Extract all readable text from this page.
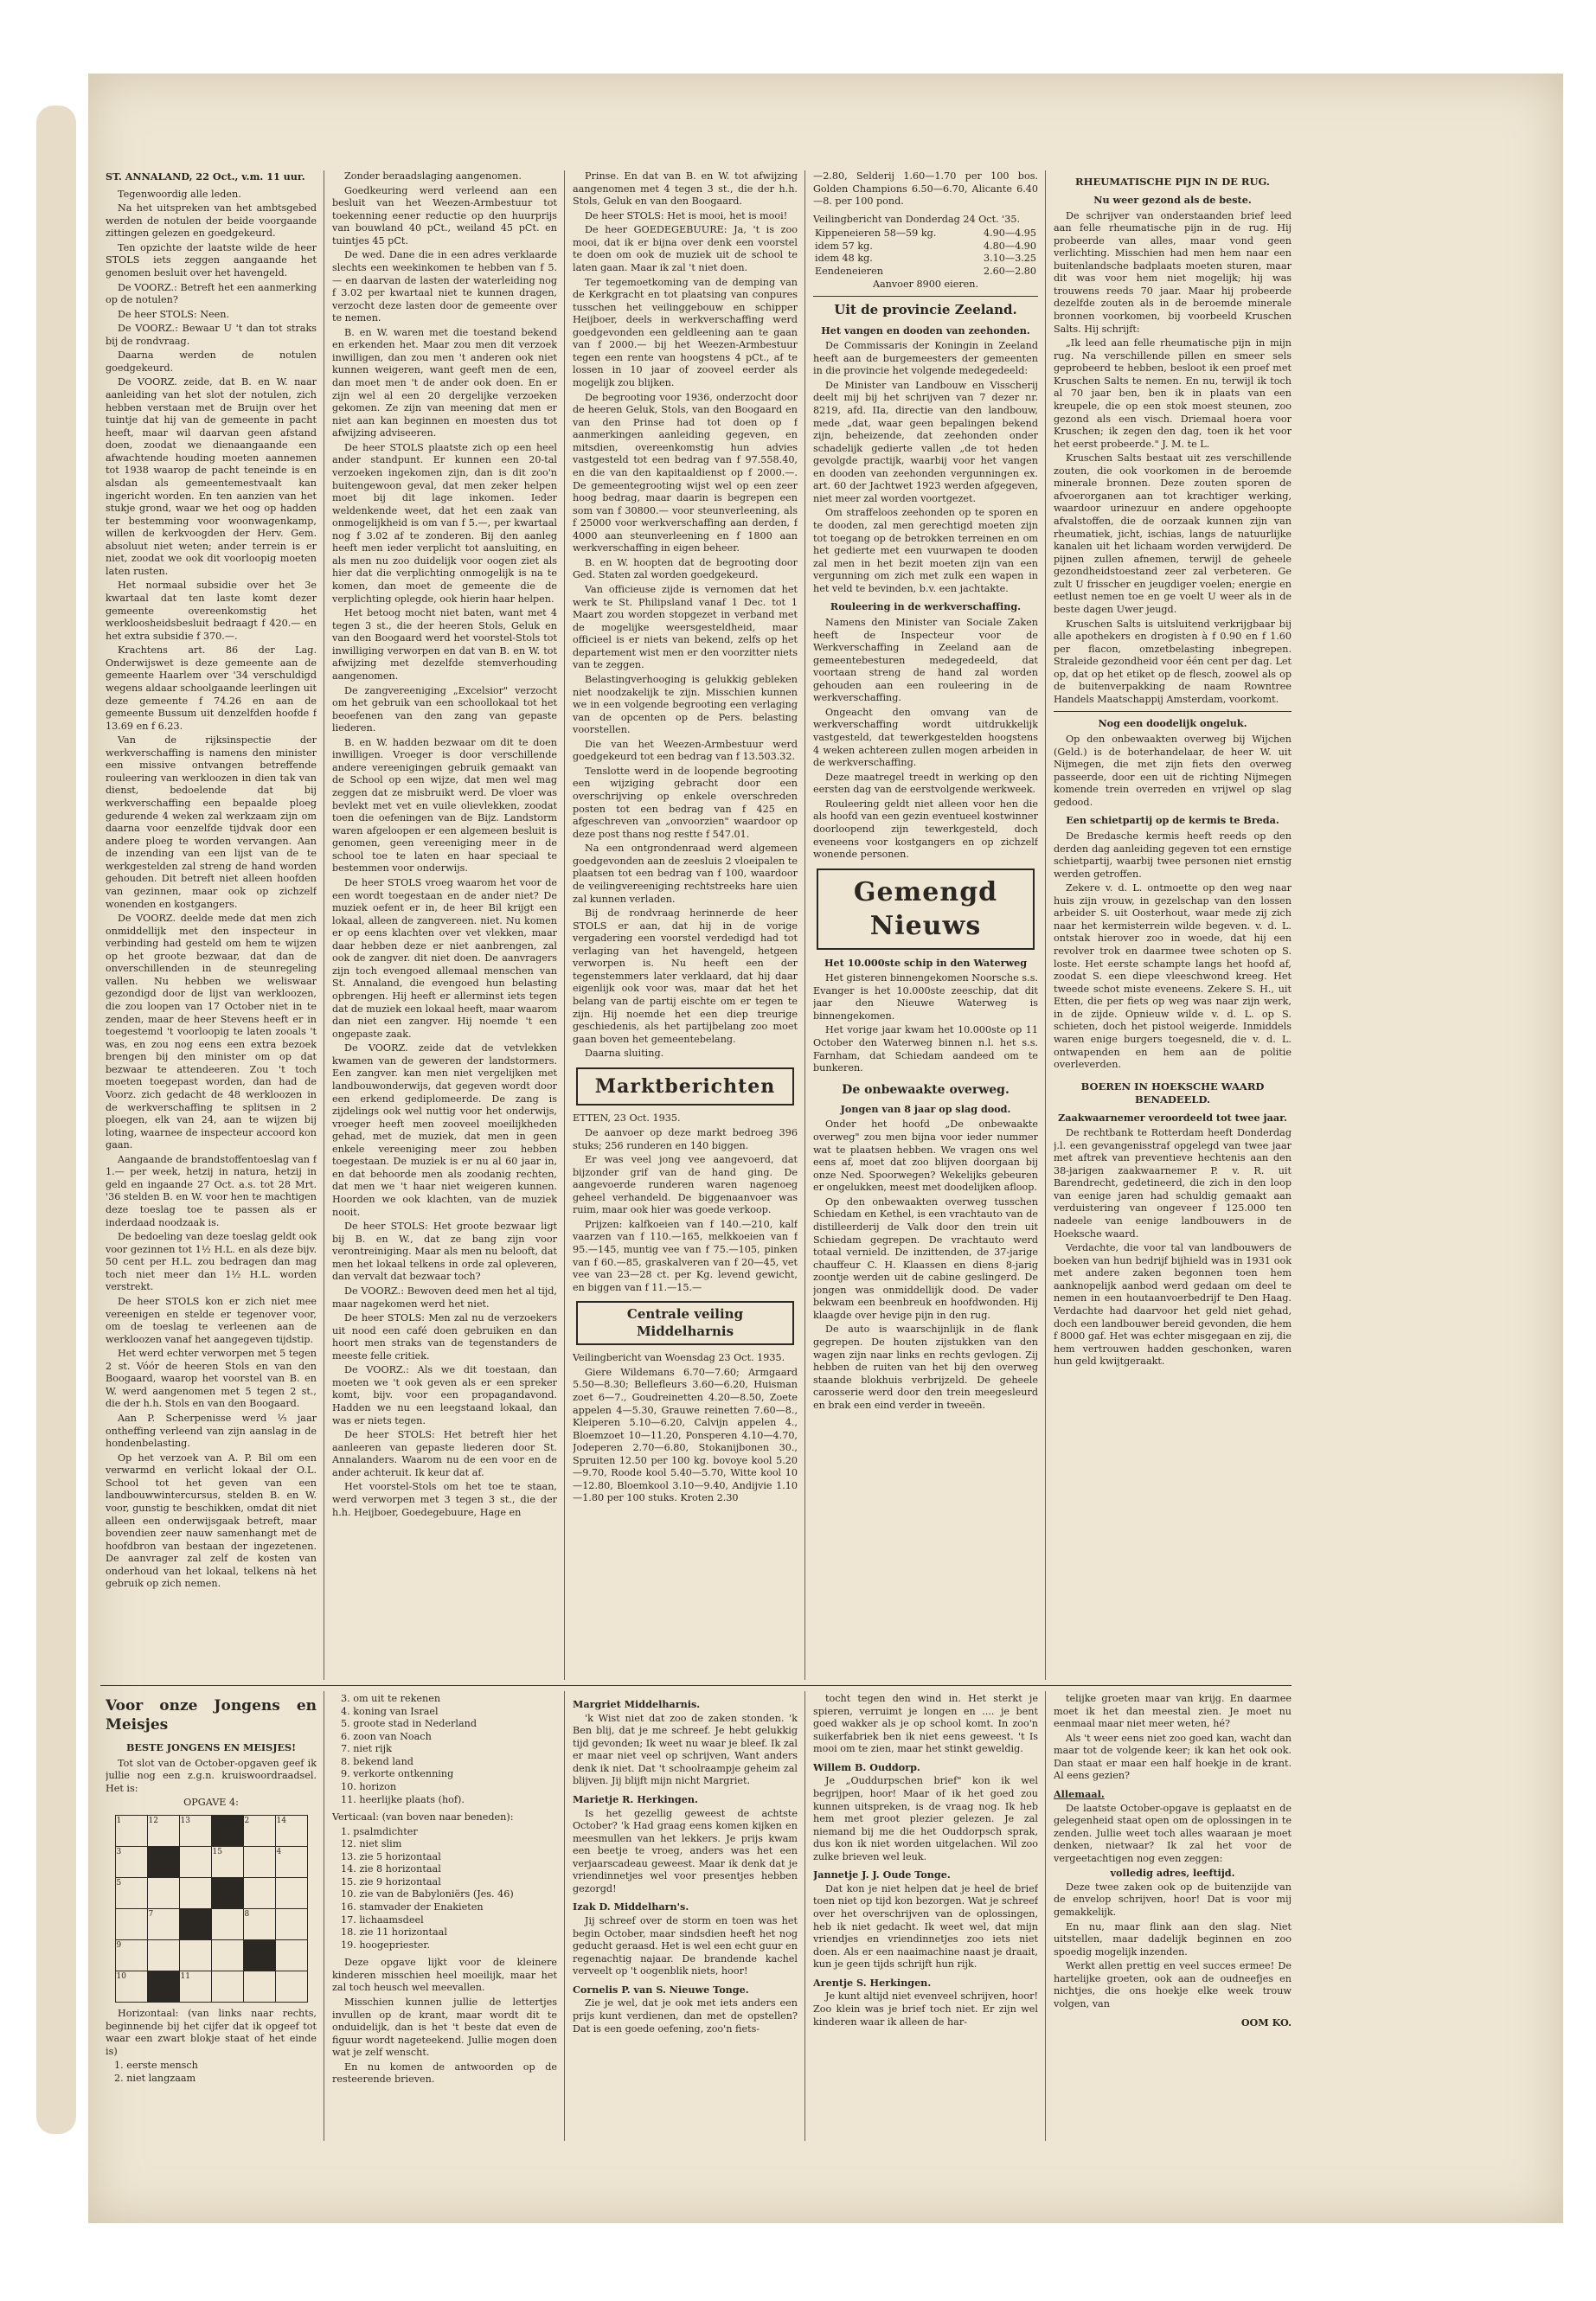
ST. ANNALAND, 22 Oct., v.m. 11 uur.

Tegenwoordig alle leden.

Na het uitspreken van het ambtsgebed werden de notulen der beide voorgaande zittingen gelezen en goedgekeurd.

Ten opzichte der laatste wilde de heer STOLS iets zeggen aangaande het genomen besluit over het havengeld.

De VOORZ.: Betreft het een aanmerking op de notulen?

De heer STOLS: Neen.

De VOORZ.: Bewaar U 't dan tot straks bij de rondvraag.

Daarna werden de notulen goedgekeurd.

De VOORZ. zeide, dat B. en W. naar aanleiding van het slot der notulen, zich hebben verstaan met de Bruijn over het tuintje dat hij van de gemeente in pacht heeft, maar wil daarvan geen afstand doen, zoodat we dienaangaande een afwachtende houding moeten aannemen tot 1938 waarop de pacht teneinde is en alsdan als gemeentemestvaalt kan ingericht worden. En ten aanzien van het stukje grond, waar we het oog op hadden ter bestemming voor woonwagenkamp, willen de kerkvoogden der Herv. Gem. absoluut niet weten; ander terrein is er niet, zoodat we ook dit voorloopig moeten laten rusten.

Het normaal subsidie over het 3e kwartaal dat ten laste komt dezer gemeente overeenkomstig het werkloosheidsbesluit bedraagt f 420.— en het extra subsidie f 370.—.

Krachtens art. 86 der Lag. Onderwijswet is deze gemeente aan de gemeente Haarlem over '34 verschuldigd wegens aldaar schoolgaande leerlingen uit deze gemeente f 74.26 en aan de gemeente Bussum uit denzelfden hoofde f 13.69 en f 6.23.

Van de rijksinspectie der werkverschaffing is namens den minister een missive ontvangen betreffende rouleering van werkloozen in dien tak van dienst, bedoelende dat bij werkverschaffing een bepaalde ploeg gedurende 4 weken zal werkzaam zijn om daarna voor eenzelfde tijdvak door een andere ploeg te worden vervangen. Aan de inzending van een lijst van de te werkgestelden zal streng de hand worden gehouden. Dit betreft niet alleen hoofden van gezinnen, maar ook op zichzelf wonenden en kostgangers.

De VOORZ. deelde mede dat men zich onmiddellijk met den inspecteur in verbinding had gesteld om hem te wijzen op het groote bezwaar, dat dan de onverschillenden in de steunregeling vallen. Nu hebben we weliswaar gezondigd door de lijst van werkloozen, die zou loopen van 17 October niet in te zenden, maar de heer Stevens heeft er in toegestemd 't voorloopig te laten zooals 't was, en zou nog eens een extra bezoek brengen bij den minister om op dat bezwaar te attendeeren. Zou 't toch moeten toegepast worden, dan had de Voorz. zich gedacht de 48 werkloozen in de werkverschaffing te splitsen in 2 ploegen, elk van 24, aan te wijzen bij loting, waarnee de inspecteur accoord kon gaan.

Aangaande de brandstoffentoeslag van f 1.— per week, hetzij in natura, hetzij in geld en ingaande 27 Oct. a.s. tot 28 Mrt. '36 stelden B. en W. voor hen te machtigen deze toeslag toe te passen als er inderdaad noodzaak is.

De bedoeling van deze toeslag geldt ook voor gezinnen tot 1½ H.L. en als deze bijv. 50 cent per H.L. zou bedragen dan mag toch niet meer dan 1½ H.L. worden verstrekt.

De heer STOLS kon er zich niet mee vereenigen en stelde er tegenover voor, om de toeslag te verleenen aan de werkloozen vanaf het aangegeven tijdstip.

Het werd echter verworpen met 5 tegen 2 st. Vóór de heeren Stols en van den Boogaard, waarop het voorstel van B. en W. werd aangenomen met 5 tegen 2 st., die der h.h. Stols en van den Boogaard.

Aan P. Scherpenisse werd ⅓ jaar ontheffing verleend van zijn aanslag in de hondenbelasting.

Op het verzoek van A. P. Bil om een verwarmd en verlicht lokaal der O.L. School tot het geven van een landbouwwintercursus, stelden B. en W. voor, gunstig te beschikken, omdat dit niet alleen een onderwijsgaak betreft, maar bovendien zeer nauw samenhangt met de hoofdbron van bestaan der ingezetenen. De aanvrager zal zelf de kosten van onderhoud van het lokaal, telkens nà het gebruik op zich nemen.

Zonder beraadslaging aangenomen.

Goedkeuring werd verleend aan een besluit van het Weezen-Armbestuur tot toekenning eener reductie op den huurprijs van bouwland 40 pCt., weiland 45 pCt. en tuintjes 45 pCt.

De wed. Dane die in een adres verklaarde slechts een weekinkomen te hebben van f 5.— en daarvan de lasten der waterleiding nog f 3.02 per kwartaal niet te kunnen dragen, verzocht deze lasten door de gemeente over te nemen.

B. en W. waren met die toestand bekend en erkenden het. Maar zou men dit verzoek inwilligen, dan zou men 't anderen ook niet kunnen weigeren, want geeft men de een, dan moet men 't de ander ook doen. En er zijn wel al een 20 dergelijke verzoeken gekomen. Ze zijn van meening dat men er niet aan kan beginnen en moesten dus tot afwijzing adviseeren.

De heer STOLS plaatste zich op een heel ander standpunt. Er kunnen een 20-tal verzoeken ingekomen zijn, dan is dit zoo'n buitengewoon geval, dat men zeker helpen moet bij dit lage inkomen. Ieder weldenkende weet, dat het een zaak van onmogelijkheid is om van f 5.—, per kwartaal nog f 3.02 af te zonderen. Bij den aanleg heeft men ieder verplicht tot aansluiting, en als men nu zoo duidelijk voor oogen ziet als hier dat die verplichting onmogelijk is na te komen, dan moet de gemeente die de verplichting oplegde, ook hierin haar helpen.

Het betoog mocht niet baten, want met 4 tegen 3 st., die der heeren Stols, Geluk en van den Boogaard werd het voorstel-Stols tot inwilliging verworpen en dat van B. en W. tot afwijzing met dezelfde stemverhouding aangenomen.

De zangvereeniging „Excelsior" verzocht om het gebruik van een schoollokaal tot het beoefenen van den zang van gepaste liederen.

B. en W. hadden bezwaar om dit te doen inwilligen. Vroeger is door verschillende andere vereenigingen gebruik gemaakt van de School op een wijze, dat men wel mag zeggen dat ze misbruikt werd. De vloer was bevlekt met vet en vuile olievlekken, zoodat toen die oefeningen van de Bijz. Landstorm waren afgeloopen er een algemeen besluit is genomen, geen vereeniging meer in de school toe te laten en haar speciaal te bestemmen voor onderwijs.

De heer STOLS vroeg waarom het voor de een wordt toegestaan en de ander niet? De muziek oefent er in, de heer Bil krijgt een lokaal, alleen de zangvereen. niet. Nu komen er op eens klachten over vet vlekken, maar daar hebben deze er niet aanbrengen, zal ook de zangver. dit niet doen. De aanvragers zijn toch evengoed allemaal menschen van St. Annaland, die evengoed hun belasting opbrengen. Hij heeft er allerminst iets tegen dat de muziek een lokaal heeft, maar waarom dan niet een zangver. Hij noemde 't een ongepaste zaak.

De VOORZ. zeide dat de vetvlekken kwamen van de geweren der landstormers. Een zangver. kan men niet vergelijken met landbouwonderwijs, dat gegeven wordt door een erkend gediplomeerde. De zang is zijdelings ook wel nuttig voor het onderwijs, vroeger heeft men zooveel moeilijkheden gehad, met de muziek, dat men in geen enkele vereeniging meer zou hebben toegestaan. De muziek is er nu al 60 jaar in, en dat behoorde men als zoodanig rechten, dat men we 't haar niet weigeren kunnen. Hoorden we ook klachten, van de muziek nooit.

De heer STOLS: Het groote bezwaar ligt bij B. en W., dat ze bang zijn voor verontreiniging. Maar als men nu belooft, dat men het lokaal telkens in orde zal opleveren, dan vervalt dat bezwaar toch?

De VOORZ.: Bewoven deed men het al tijd, maar nagekomen werd het niet.

De heer STOLS: Men zal nu de verzoekers uit nood een café doen gebruiken en dan hoort men straks van de tegenstanders de meeste felle critiek.

De VOORZ.: Als we dit toestaan, dan moeten we 't ook geven als er een spreker komt, bijv. voor een propagandavond. Hadden we nu een leegstaand lokaal, dan was er niets tegen.

De heer STOLS: Het betreft hier het aanleeren van gepaste liederen door St. Annalanders. Waarom nu de een voor en de ander achteruit. Ik keur dat af.

Het voorstel-Stols om het toe te staan, werd verworpen met 3 tegen 3 st., die der h.h. Heijboer, Goedegebuure, Hage en

Prinse. En dat van B. en W. tot afwijzing aangenomen met 4 tegen 3 st., die der h.h. Stols, Geluk en van den Boogaard.

De heer STOLS: Het is mooi, het is mooi!

De heer GOEDEGEBUURE: Ja, 't is zoo mooi, dat ik er bijna over denk een voorstel te doen om ook de muziek uit de school te laten gaan. Maar ik zal 't niet doen.

Ter tegemoetkoming van de demping van de Kerkgracht en tot plaatsing van conpures tusschen het veilinggebouw en schipper Heijboer, deels in werkverschaffing werd goedgevonden een geldleening aan te gaan van f 2000.— bij het Weezen-Armbestuur tegen een rente van hoogstens 4 pCt., af te lossen in 10 jaar of zooveel eerder als mogelijk zou blijken.

De begrooting voor 1936, onderzocht door de heeren Geluk, Stols, van den Boogaard en van den Prinse had tot doen op f aanmerkingen aanleiding gegeven, en mitsdien, overeenkomstig hun advies vastgesteld tot een bedrag van f 97.558.40, en die van den kapitaaldienst op f 2000.—. De gemeentegrooting wijst wel op een zeer hoog bedrag, maar daarin is begrepen een som van f 30800.— voor steunverleening, als f 25000 voor werkverschaffing aan derden, f 4000 aan steunverleening en f 1800 aan werkverschaffing in eigen beheer.

B. en W. hoopten dat de begrooting door Ged. Staten zal worden goedgekeurd.

Van officieuse zijde is vernomen dat het werk te St. Philipsland vanaf 1 Dec. tot 1 Maart zou worden stopgezet in verband met de mogelijke weersgesteldheid, maar officieel is er niets van bekend, zelfs op het departement wist men er den voorzitter niets van te zeggen.

Belastingverhooging is gelukkig gebleken niet noodzakelijk te zijn. Misschien kunnen we in een volgende begrooting een verlaging van de opcenten op de Pers. belasting voorstellen.

Die van het Weezen-Armbestuur werd goedgekeurd tot een bedrag van f 13.503.32.

Tenslotte werd in de loopende begrooting een wijziging gebracht door een overschrijving op enkele overschreden posten tot een bedrag van f 425 en afgeschreven van „onvoorzien" waardoor op deze post thans nog restte f 547.01.

Na een ontgrondenraad werd algemeen goedgevonden aan de zeesluis 2 vloeipalen te plaatsen tot een bedrag van f 100, waardoor de veilingvereeniging rechtstreeks hare uien zal kunnen verladen.

Bij de rondvraag herinnerde de heer STOLS er aan, dat hij in de vorige vergadering een voorstel verdedigd had tot verlaging van het havengeld, hetgeen verworpen is. Nu heeft een der tegenstemmers later verklaard, dat hij daar eigenlijk ook voor was, maar dat het het belang van de partij eischte om er tegen te zijn. Hij noemde het een diep treurige geschiedenis, als het partijbelang zoo moet gaan boven het gemeentebelang.

Daarna sluiting.

Marktberichten

ETTEN, 23 Oct. 1935.

De aanvoer op deze markt bedroeg 396 stuks; 256 runderen en 140 biggen.

Er was veel jong vee aangevoerd, dat bijzonder grif van de hand ging. De aangevoerde runderen waren nagenoeg geheel verhandeld. De biggenaanvoer was ruim, maar ook hier was goede verkoop.

Prijzen: kalfkoeien van f 140.—210, kalf vaarzen van f 110.—165, melkkoeien van f 95.—145, muntig vee van f 75.—105, pinken van f 60.—85, graskalveren van f 20—45, vet vee van 23—28 ct. per Kg. levend gewicht, en biggen van f 11.—15.—

Centrale veiling Middelharnis

Veilingbericht van Woensdag 23 Oct. 1935.

Giere Wildemans 6.70—7.60; Armgaard 5.50—8.30; Bellefleurs 3.60—6.20, Huisman zoet 6—7., Goudreinetten 4.20—8.50, Zoete appelen 4—5.30, Grauwe reinetten 7.60—8., Kleiperen 5.10—6.20, Calvijn appelen 4., Bloemzoet 10—11.20, Ponsperen 4.10—4.70, Jodeperen 2.70—6.80, Stokanijbonen 30., Spruiten 12.50 per 100 kg. bovoye kool 5.20—9.70, Roode kool 5.40—5.70, Witte kool 10—12.80, Bloemkool 3.10—9.40, Andijvie 1.10—1.80 per 100 stuks. Kroten 2.30

—2.80, Selderij 1.60—1.70 per 100 bos. Golden Champions 6.50—6.70, Alicante 6.40 —8. per 100 pond.

Veilingbericht van Donderdag 24 Oct. '35.

Kippeneieren 58—59 kg.	4.90—4.95
idem 57 kg.	4.80—4.90
idem 48 kg.	3.10—3.25
Eendeneieren	2.60—2.80

Aanvoer 8900 eieren.

Uit de provincie Zeeland.
Het vangen en dooden van zeehonden.

De Commissaris der Koningin in Zeeland heeft aan de burgemeesters der gemeenten in die provincie het volgende medegedeeld:

De Minister van Landbouw en Visscherij deelt mij bij het schrijven van 7 dezer nr. 8219, afd. IIa, directie van den landbouw, mede „dat, waar geen bepalingen bekend zijn, beheizende, dat zeehonden onder schadelijk gedierte vallen „de tot heden gevolgde practijk, waarbij voor het vangen en dooden van zeehonden vergunningen ex. art. 60 der Jachtwet 1923 werden afgegeven, niet meer zal worden voortgezet.

Om straffeloos zeehonden op te sporen en te dooden, zal men gerechtigd moeten zijn tot toegang op de betrokken terreinen en om het gedierte met een vuurwapen te dooden zal men in het bezit moeten zijn van een vergunning om zich met zulk een wapen in het veld te bevinden, b.v. een jachtakte.

Rouleering in de werkverschaffing.

Namens den Minister van Sociale Zaken heeft de Inspecteur voor de Werkverschaffing in Zeeland aan de gemeentebesturen medegedeeld, dat voortaan streng de hand zal worden gehouden aan een rouleering in de werkverschaffing.

Ongeacht den omvang van de werkverschaffing wordt uitdrukkelijk vastgesteld, dat tewerkgestelden hoogstens 4 weken achtereen zullen mogen arbeiden in de werkverschaffing.

Deze maatregel treedt in werking op den eersten dag van de eerstvolgende werkweek.

Rouleering geldt niet alleen voor hen die als hoofd van een gezin eventueel kostwinner doorloopend zijn tewerkgesteld, doch eveneens voor kostgangers en op zichzelf wonende personen.

Gemengd Nieuws
Het 10.000ste schip in den Waterweg

Het gisteren binnengekomen Noorsche s.s. Evanger is het 10.000ste zeeschip, dat dit jaar den Nieuwe Waterweg is binnengekomen.

Het vorige jaar kwam het 10.000ste op 11 October den Waterweg binnen n.l. het s.s. Farnham, dat Schiedam aandeed om te bunkeren.

De onbewaakte overweg.
Jongen van 8 jaar op slag dood.

Onder het hoofd „De onbewaakte overweg" zou men bijna voor ieder nummer wat te plaatsen hebben. We vragen ons wel eens af, moet dat zoo blijven doorgaan bij onze Ned. Spoorwegen? Wekelijks gebeuren er ongelukken, meest met doodelijken afloop.

Op den onbewaakten overweg tusschen Schiedam en Kethel, is een vrachtauto van de distilleerderij de Valk door den trein uit Schiedam gegrepen. De vrachtauto werd totaal vernield. De inzittenden, de 37-jarige chauffeur C. H. Klaassen en diens 8-jarig zoontje werden uit de cabine geslingerd. De jongen was onmiddellijk dood. De vader bekwam een beenbreuk en hoofdwonden. Hij klaagde over hevige pijn in den rug.

De auto is waarschijnlijk in de flank gegrepen. De houten zijstukken van den wagen zijn naar links en rechts gevlogen. Zij hebben de ruiten van het bij den overweg staande blokhuis verbrijzeld. De geheele carosserie werd door den trein meegesleurd en brak een eind verder in tweeën.

RHEUMATISCHE PIJN IN DE RUG.
Nu weer gezond als de beste.

De schrijver van onderstaanden brief leed aan felle rheumatische pijn in de rug. Hij probeerde van alles, maar vond geen verlichting. Misschien had men hem naar een buitenlandsche badplaats moeten sturen, maar dit was voor hem niet mogelijk; hij was trouwens reeds 70 jaar. Maar hij probeerde dezelfde zouten als in de beroemde minerale bronnen voorkomen, bij voorbeeld Kruschen Salts. Hij schrijft:

„Ik leed aan felle rheumatische pijn in mijn rug. Na verschillende pillen en smeer sels geprobeerd te hebben, besloot ik een proef met Kruschen Salts te nemen. En nu, terwijl ik toch al 70 jaar ben, ben ik in plaats van een kreupele, die op een stok moest steunen, zoo gezond als een visch. Driemaal hoera voor Kruschen; ik zegen den dag, toen ik het voor het eerst probeerde." J. M. te L.

Kruschen Salts bestaat uit zes verschillende zouten, die ook voorkomen in de beroemde minerale bronnen. Deze zouten sporen de afvoerorganen aan tot krachtiger werking, waardoor urinezuur en andere opgehoopte afvalstoffen, die de oorzaak kunnen zijn van rheumatiek, jicht, ischias, langs de natuurlijke kanalen uit het lichaam worden verwijderd. De pijnen zullen afnemen, terwijl de geheele gezondheidstoestand zeer zal verbeteren. Ge zult U frisscher en jeugdiger voelen; energie en eetlust nemen toe en ge voelt U weer als in de beste dagen Uwer jeugd.

Kruschen Salts is uitsluitend verkrijgbaar bij alle apothekers en drogisten à f 0.90 en f 1.60 per flacon, omzetbelasting inbegrepen. Straleide gezondheid voor één cent per dag. Let op, dat op het etiket op de flesch, zoowel als op de buitenverpakking de naam Rowntree Handels Maatschappij Amsterdam, voorkomt.

Nog een doodelijk ongeluk.

Op den onbewaakten overweg bij Wijchen (Geld.) is de boterhandelaar, de heer W. uit Nijmegen, die met zijn fiets den overweg passeerde, door een uit de richting Nijmegen komende trein overreden en vrijwel op slag gedood.

Een schietpartij op de kermis te Breda.

De Bredasche kermis heeft reeds op den derden dag aanleiding gegeven tot een ernstige schietpartij, waarbij twee personen niet ernstig werden getroffen.

Zekere v. d. L. ontmoette op den weg naar huis zijn vrouw, in gezelschap van den lossen arbeider S. uit Oosterhout, waar mede zij zich naar het kermisterrein wilde begeven. v. d. L. ontstak hierover zoo in woede, dat hij een revolver trok en daarmee twee schoten op S. loste. Het eerste schampte langs het hoofd af, zoodat S. een diepe vleeschwond kreeg. Het tweede schot miste eveneens. Zekere S. H., uit Etten, die per fiets op weg was naar zijn werk, in de zijde. Opnieuw wilde v. d. L. op S. schieten, doch het pistool weigerde. Inmiddels waren enige burgers toegesneld, die v. d. L. ontwapenden en hem aan de politie overleverden.

BOEREN IN HOEKSCHE WAARD BENADEELD.
Zaakwaarnemer veroordeeld tot twee jaar.

De rechtbank te Rotterdam heeft Donderdag j.l. een gevangenisstraf opgelegd van twee jaar met aftrek van preventieve hechtenis aan den 38-jarigen zaakwaarnemer P. v. R. uit Barendrecht, gedetineerd, die zich in den loop van eenige jaren had schuldig gemaakt aan verduistering van ongeveer f 125.000 ten nadeele van eenige landbouwers in de Hoeksche waard.

Verdachte, die voor tal van landbouwers de boeken van hun bedrijf bijhield was in 1931 ook met andere zaken begonnen toen hem aanknopelijk aanbod werd gedaan om deel te nemen in een houtaanvoerbedrijf te Den Haag. Verdachte had daarvoor het geld niet gehad, doch een landbouwer bereid gevonden, die hem f 8000 gaf. Het was echter misgegaan en zij, die hem vertrouwen hadden geschonken, waren hun geld kwijtgeraakt.

Voor onze Jongens en Meisjes
BESTE JONGENS EN MEISJES!

Tot slot van de October-opgaven geef ik jullie nog een z.g.n. kruiswoordraadsel. Het is:

OPGAVE 4:

1	12	13		2	14
3			15		4
5					
	7			8	
9					
10		11			

Horizontaal: (van links naar rechts, beginnende bij het cijfer dat ik opgeef tot waar een zwart blokje staat of het einde is)

1. eerste mensch
2. niet langzaam
3. om uit te rekenen
4. koning van Israel
5. groote stad in Nederland
6. zoon van Noach
7. niet rijk
8. bekend land
9. verkorte ontkenning
10. horizon
11. heerlijke plaats (hof).

Verticaal: (van boven naar beneden):

1. psalmdichter
12. niet slim
13. zie 5 horizontaal
14. zie 8 horizontaal
15. zie 9 horizontaal
10. zie van de Babyloniërs (Jes. 46)
16. stamvader der Enakieten
17. lichaamsdeel
18. zie 11 horizontaal
19. hoogepriester.

Deze opgave lijkt voor de kleinere kinderen misschien heel moeilijk, maar het zal toch heusch wel meevallen.

Misschien kunnen jullie de lettertjes invullen op de krant, maar wordt dit te onduidelijk, dan is het 't beste dat even de figuur wordt nageteekend. Jullie mogen doen wat je zelf wenscht.

En nu komen de antwoorden op de resteerende brieven.

Margriet Middelharnis.

'k Wist niet dat zoo de zaken stonden. 'k Ben blij, dat je me schreef. Je hebt gelukkig tijd gevonden; Ik weet nu waar je bleef. Ik zal er maar niet veel op schrijven, Want anders denk ik niet. Dat 't schoolraampje geheim zal blijven. Jij blijft mijn nicht Margriet.

Marietje R. Herkingen.

Is het gezellig geweest de achtste October? 'k Had graag eens komen kijken en meesmullen van het lekkers. Je prijs kwam een beetje te vroeg, anders was het een verjaarscadeau geweest. Maar ik denk dat je vriendinnetjes wel voor presentjes hebben gezorgd!

Izak D. Middelharn's.

Jij schreef over de storm en toen was het begin October, maar sindsdien heeft het nog geducht geraasd. Het is wel een echt guur en regenachtig najaar. De brandende kachel verveelt op 't oogenblik niets, hoor!

Cornelis P. van S. Nieuwe Tonge.

Zie je wel, dat je ook met iets anders een prijs kunt verdienen, dan met de opstellen? Dat is een goede oefening, zoo'n fiets-

tocht tegen den wind in. Het sterkt je spieren, verruimt je longen en .... je bent goed wakker als je op school komt. In zoo'n suikerfabriek ben ik niet eens geweest. 't Is mooi om te zien, maar het stinkt geweldig.

Willem B. Ouddorp.

Je „Ouddurpschen brief" kon ik wel begrijpen, hoor! Maar of ik het goed zou kunnen uitspreken, is de vraag nog. Ik heb hem met groot plezier gelezen. Je zal niemand bij me die het Ouddorpsch sprak, dus kon ik niet worden uitgelachen. Wil zoo zulke brieven wel leuk.

Jannetje J. J. Oude Tonge.

Dat kon je niet helpen dat je heel de brief toen niet op tijd kon bezorgen. Wat je schreef over het overschrijven van de oplossingen, heb ik niet gedacht. Ik weet wel, dat mijn vriendjes en vriendinnetjes zoo iets niet doen. Als er een naaimachine naast je draait, kun je geen tijds schrijft hun rijk.

Arentje S. Herkingen.

Je kunt altijd niet evenveel schrijven, hoor! Zoo klein was je brief toch niet. Er zijn wel kinderen waar ik alleen de har-

telijke groeten maar van krijg. En daarmee moet ik het dan meestal zien. Je moet nu eenmaal maar niet meer weten, hé?

Als 't weer eens niet zoo goed kan, wacht dan maar tot de volgende keer; ik kan het ook ook. Dan staat er maar een half hoekje in de krant. Al eens gezien?

Allemaal.

De laatste October-opgave is geplaatst en de gelegenheid staat open om de oplossingen in te zenden. Jullie weet toch alles waaraan je moet denken, nietwaar? Ik zal het voor de vergeetachtigen nog even zeggen:

volledig adres, leeftijd.

Deze twee zaken ook op de buitenzijde van de envelop schrijven, hoor! Dat is voor mij gemakkelijk.

En nu, maar flink aan den slag. Niet uitstellen, maar dadelijk beginnen en zoo spoedig mogelijk inzenden.

Werkt allen prettig en veel succes ermee! De hartelijke groeten, ook aan de oudneefjes en nichtjes, die ons hoekje elke week trouw volgen, van

OOM KO.
